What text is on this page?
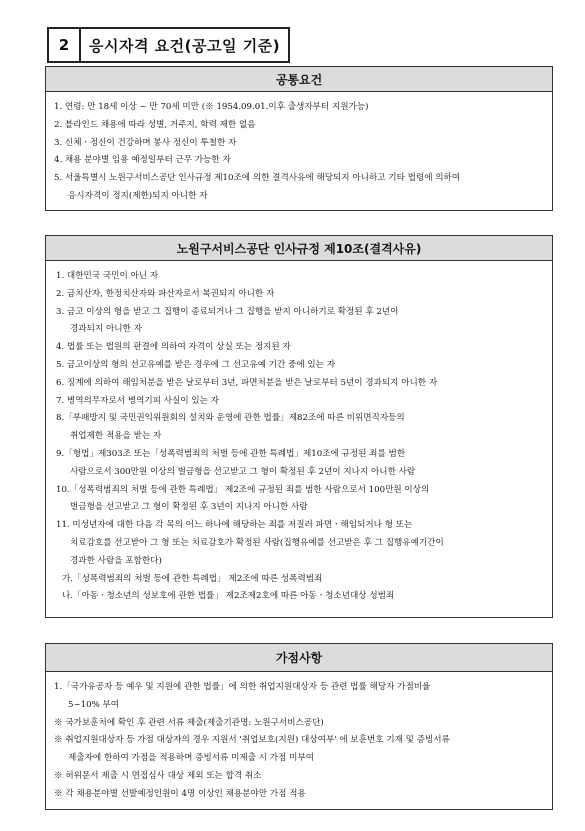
2	응시자격 요건(공고일 기준)
공통요건
1. 연령: 만 18세 이상 ~ 만 70세 미만 (※ 1954.09.01.이후 출생자부터 지원가능)
2. 블라인드 채용에 따라 성별, 거주지, 학력 제한 없음
3. 신체ㆍ정신이 건강하며 봉사 정신이 투철한 자
4. 채용 분야별 임용 예정일부터 근무 가능한 자
5. 서울특별시 노원구서비스공단 인사규정 제10조에 의한 결격사유에 해당되지 아니하고 기타 법령에 의하여
응시자격이 정지(제한)되지 아니한 자
노원구서비스공단 인사규정 제10조(결격사유)
1. 대한민국 국민이 아닌 자
2. 금치산자, 한정치산자와 파산자로서 복권되지 아니한 자
3. 금고 이상의 형을 받고 그 집행이 종료되거나 그 집행을 받지 아니하기로 확정된 후 2년이
경과되지 아니한 자
4. 법률 또는 법원의 판결에 의하여 자격이 상실 또는 정지된 자
5. 금고이상의 형의 선고유예를 받은 경우에 그 선고유예 기간 중에 있는 자
6. 징계에 의하여 해임처분을 받은 날로부터 3년, 파면처분을 받은 날로부터 5년이 경과되지 아니한 자
7. 병역의무자로서 병역기피 사실이 있는 자
8.「부패방지 및 국민권익위원회의 설치와 운영에 관한 법률」제82조에 따른 비위면직자등의
취업제한 적용을 받는 자
9.「형법」제303조 또는「성폭력범죄의 처벌 등에 관한 특례법」제10조에 규정된 죄를 범한
사람으로서 300만원 이상의 벌금형을 선고받고 그 형이 확정된 후 2년이 지나지 아니한 사람
10.「성폭력범죄의 처벌 등에 관한 특례법」 제2조에 규정된 죄를 범한 사람으로서 100만원 이상의
벌금형을 선고받고 그 형이 확정된 후 3년이 지나지 아니한 사람
11. 미성년자에 대한 다음 각 목의 어느 하나에 해당하는 죄를 저질러 파면ㆍ해임되거나 형 또는
치료감호를 선고받아 그 형 또는 치료감호가 확정된 사람(집행유예를 선고받은 후 그 집행유예기간이
경과한 사람을 포함한다)
가.「성폭력범죄의 처벌 등에 관한 특례법」 제2조에 따른 성폭력범죄
나.「아동ㆍ청소년의 성보호에 관한 법률」 제2조제2호에 따른 아동ㆍ청소년대상 성범죄
가점사항
1.「국가유공자 등 예우 및 지원에 관한 법률」에 의한 취업지원대상자 등 관련 법률 해당자 가점비율
5~10% 부여
※ 국가보훈처에 확인 후 관련 서류 제출(제출기관명: 노원구서비스공단)
※ 취업지원대상자 등 가점 대상자의 경우 지원서 '취업보호(지원) 대상여부' 에 보훈번호 기재 및 증빙서류
제출자에 한하여 가점을 적용하며 증빙서류 미제출 시 가점 미부여
※ 허위문서 제출 시 면접심사 대상 제외 또는 합격 취소
※ 각 채용분야별 선발예정인원이 4명 이상인 채용분야만 가점 적용
